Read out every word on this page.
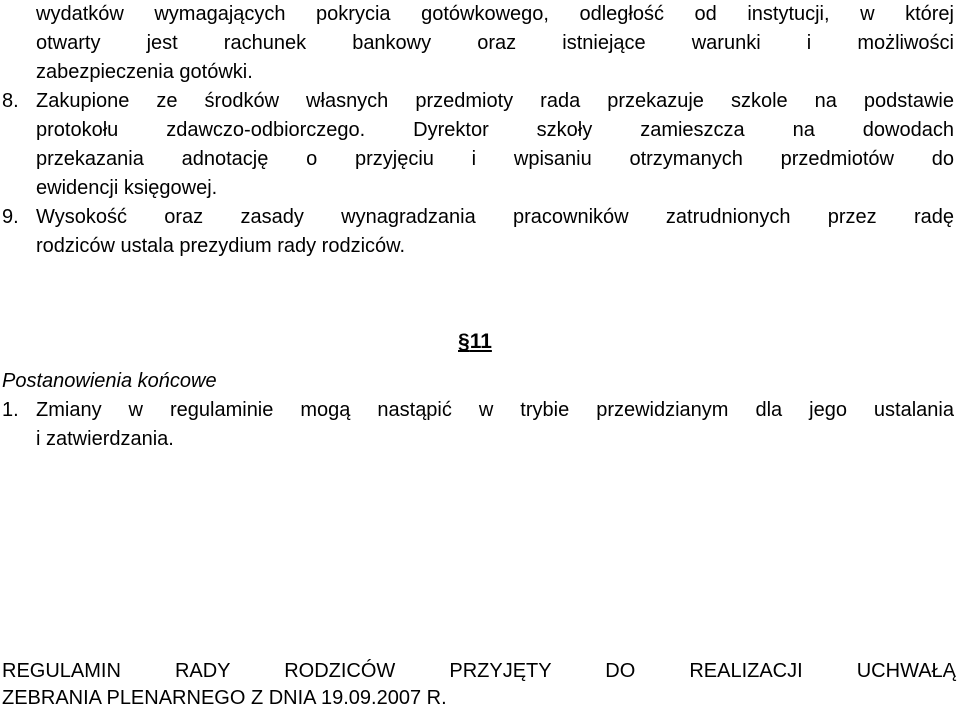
wydatków wymagających pokrycia gotówkowego, odległość od instytucji, w której
otwarty jest rachunek bankowy oraz istniejące warunki i możliwości
zabezpieczenia gotówki.
8. Zakupione ze środków własnych przedmioty rada przekazuje szkole na podstawie
protokołu zdawczo-odbiorczego. Dyrektor szkoły zamieszcza na dowodach
przekazania adnotację o przyjęciu i wpisaniu otrzymanych przedmiotów do
ewidencji księgowej.
9. Wysokość oraz zasady wynagradzania pracowników zatrudnionych przez radę
rodziców ustala prezydium rady rodziców.
§11
Postanowienia końcowe
1. Zmiany w regulaminie mogą nastąpić w trybie przewidzianym dla jego ustalania
i zatwierdzania.
REGULAMIN RADY RODZICÓW PRZYJĘTY DO REALIZACJI UCHWAŁĄ
ZEBRANIA PLENARNEGO Z DNIA 19.09.2007 R.
